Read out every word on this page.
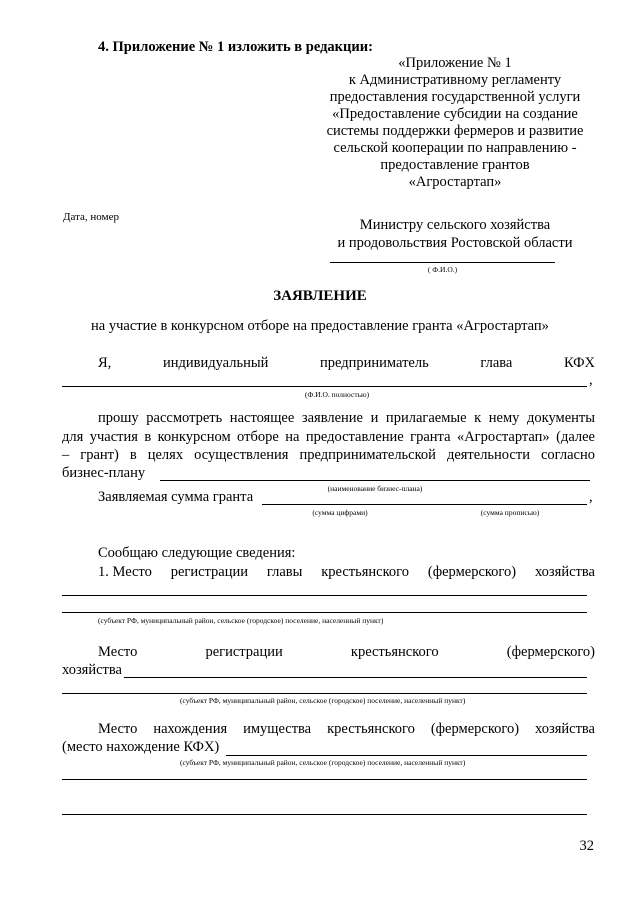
4. Приложение № 1 изложить в редакции:
«Приложение № 1
к Административному регламенту
предоставления государственной услуги
«Предоставление субсидии на создание
системы поддержки фермеров и развитие
сельской кооперации по направлению -
предоставление грантов
«Агростартап»
Дата, номер	Министру сельского хозяйства
и продовольствия Ростовской области
( Ф.И.О.)
ЗАЯВЛЕНИЕ
на участие в конкурсном отборе на предоставление гранта «Агростартап»
Я,	индивидуальный	предприниматель	глава	КФХ
,
(Ф.И.О. полностью)
прошу рассмотреть настоящее заявление и прилагаемые к нему документы
для участия в конкурсном отборе на предоставление гранта «Агростартап» (далее
– грант) в целях осуществления предпринимательской деятельности согласно
бизнес-плану
(наименование бизнес-плана)
Заявляемая сумма гранта	,
(сумма цифрами)	(сумма прописью)
Сообщаю следующие сведения:
1. Место регистрации главы крестьянского (фермерского) хозяйства
(субъект РФ, муниципальный район, сельское (городское) поселение, населенный пункт)
Место	регистрации	крестьянского	(фермерского)
хозяйства
(субъект РФ, муниципальный район, сельское (городское) поселение, населенный пункт)
Место нахождения имущества крестьянского (фермерского) хозяйства
(место нахождение КФХ)
(субъект РФ, муниципальный район, сельское (городское) поселение, населенный пункт)
32
